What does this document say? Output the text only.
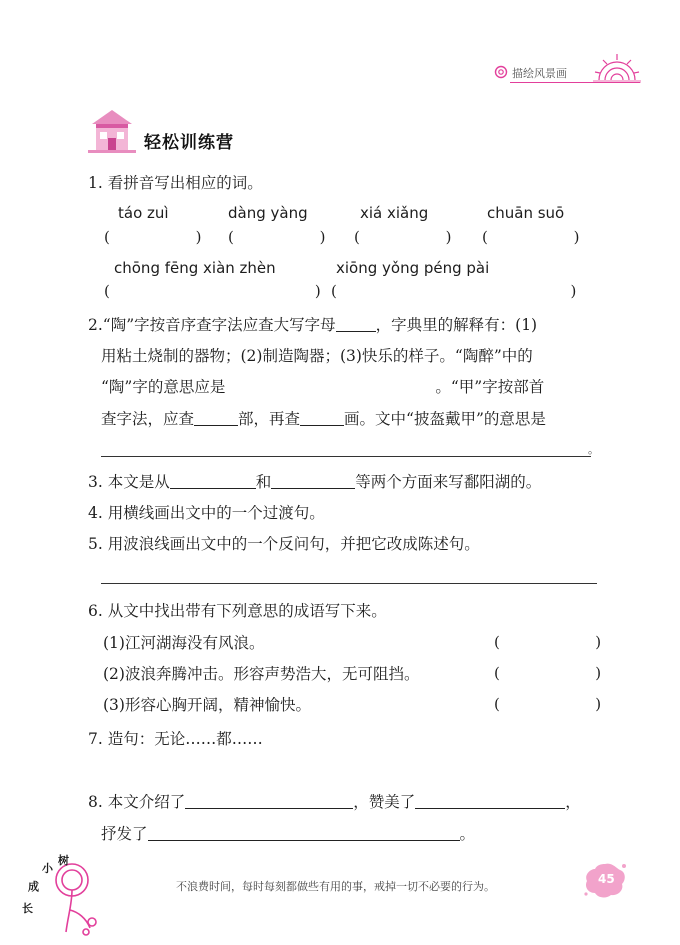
描绘风景画
轻松训练营
1. 看拼音写出相应的词。
táo zuì	dàng yàng	xiá xiǎng	chuān suō
(                  ) (                  ) (                  ) (                  )
chōng fēng xiàn zhèn	xiōng yǒng péng pài
(                                           ) (                                                 )
2.“陶”字按音序查字法应查大写字母	，字典里的解释有：(1)
用粘土烧制的器物；(2)制造陶器；(3)快乐的样子。“陶醉”中的
“陶”字的意思应是	。“甲”字按部首
查字法，应查	部，再查	画。文中“披盔戴甲”的意思是
。
3. 本文是从	和	等两个方面来写鄱阳湖的。
4. 用横线画出文中的一个过渡句。
5. 用波浪线画出文中的一个反问句，并把它改成陈述句。
6. 从文中找出带有下列意思的成语写下来。
(1)江河湖海没有风浪。	(                    )
(2)波浪奔腾冲击。形容声势浩大，无可阻挡。	(                    )
(3)形容心胸开阔，精神愉快。	(                    )
7. 造句：无论……都……
8. 本文介绍了	，赞美了	，
抒发了	。
小
树
成
长
不浪费时间，每时每刻都做些有用的事，戒掉一切不必要的行为。
45
